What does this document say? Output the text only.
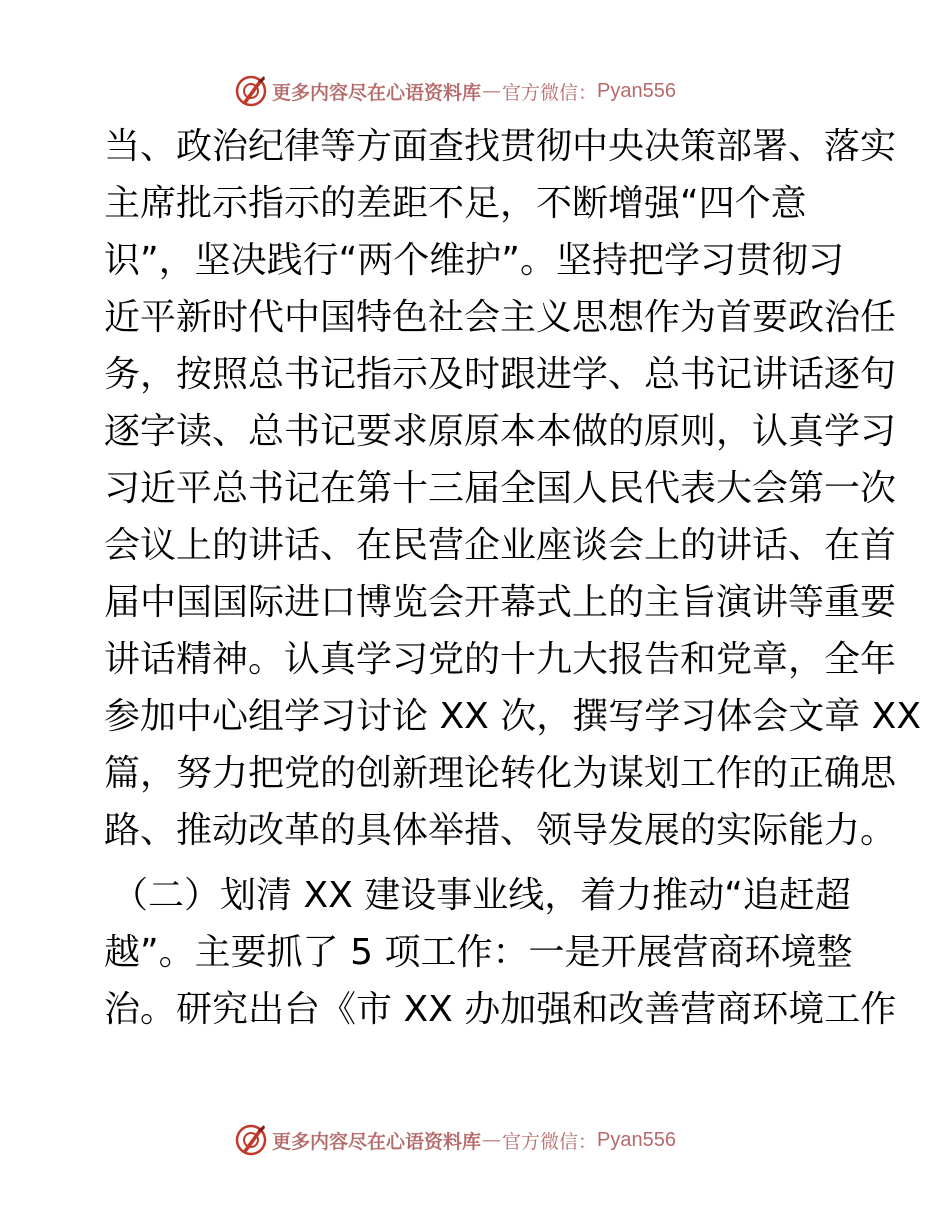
更多内容尽在心语资料库 — 官方微信： Pyan556

当、政治纪律等方面查找贯彻中央决策部署、落实

主席批示指示的差距不足，不断增强“四个意

识”，坚决践行“两个维护”。坚持把学习贯彻习

近平新时代中国特色社会主义思想作为首要政治任

务，按照总书记指示及时跟进学、总书记讲话逐句

逐字读、总书记要求原原本本做的原则，认真学习

习近平总书记在第十三届全国人民代表大会第一次

会议上的讲话、在民营企业座谈会上的讲话、在首

届中国国际进口博览会开幕式上的主旨演讲等重要

讲话精神。认真学习党的十九大报告和党章，全年

参加中心组学习讨论 XX 次，撰写学习体会文章 XX

篇，努力把党的创新理论转化为谋划工作的正确思

路、推动改革的具体举措、领导发展的实际能力。

（二）划清 XX 建设事业线，着力推动“追赶超

越”。主要抓了 5 项工作：一是开展营商环境整

治。研究出台《市 XX 办加强和改善营商环境工作

更多内容尽在心语资料库 — 官方微信： Pyan556
